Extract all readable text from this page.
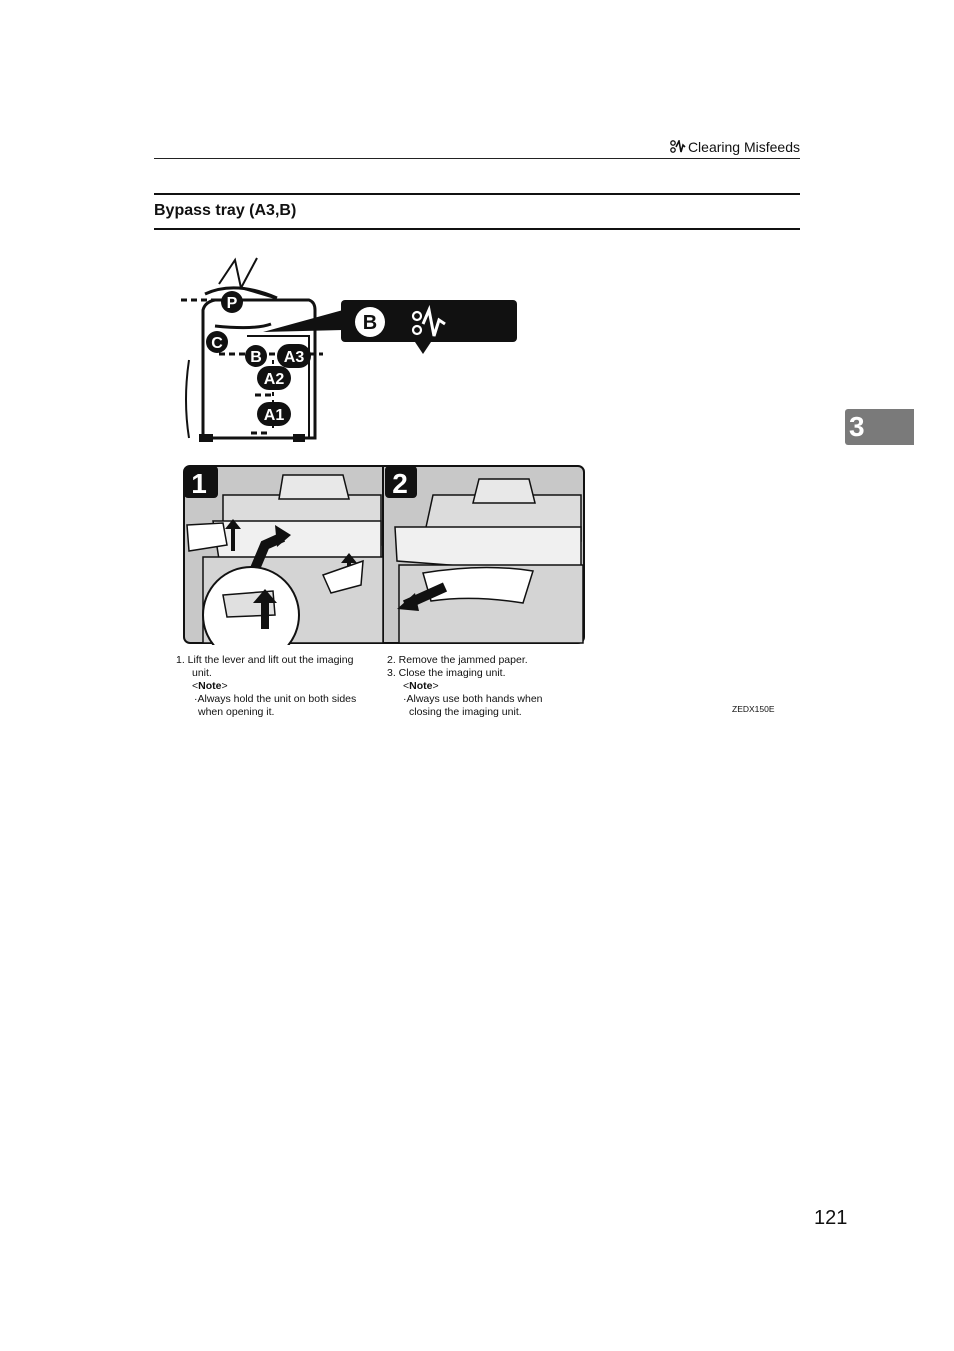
Clearing Misfeeds
Bypass tray (A3,B)
3
P
C
B A3
A2
A1
B
1	2
1. Lift the lever and lift out the imaging

unit.
<Note>
·Always hold the unit on both sides
when opening it.
2. Remove the jammed paper.
3. Close the imaging unit.
<Note>
·Always use both hands when
closing the imaging unit.	ZEDX150E
121
